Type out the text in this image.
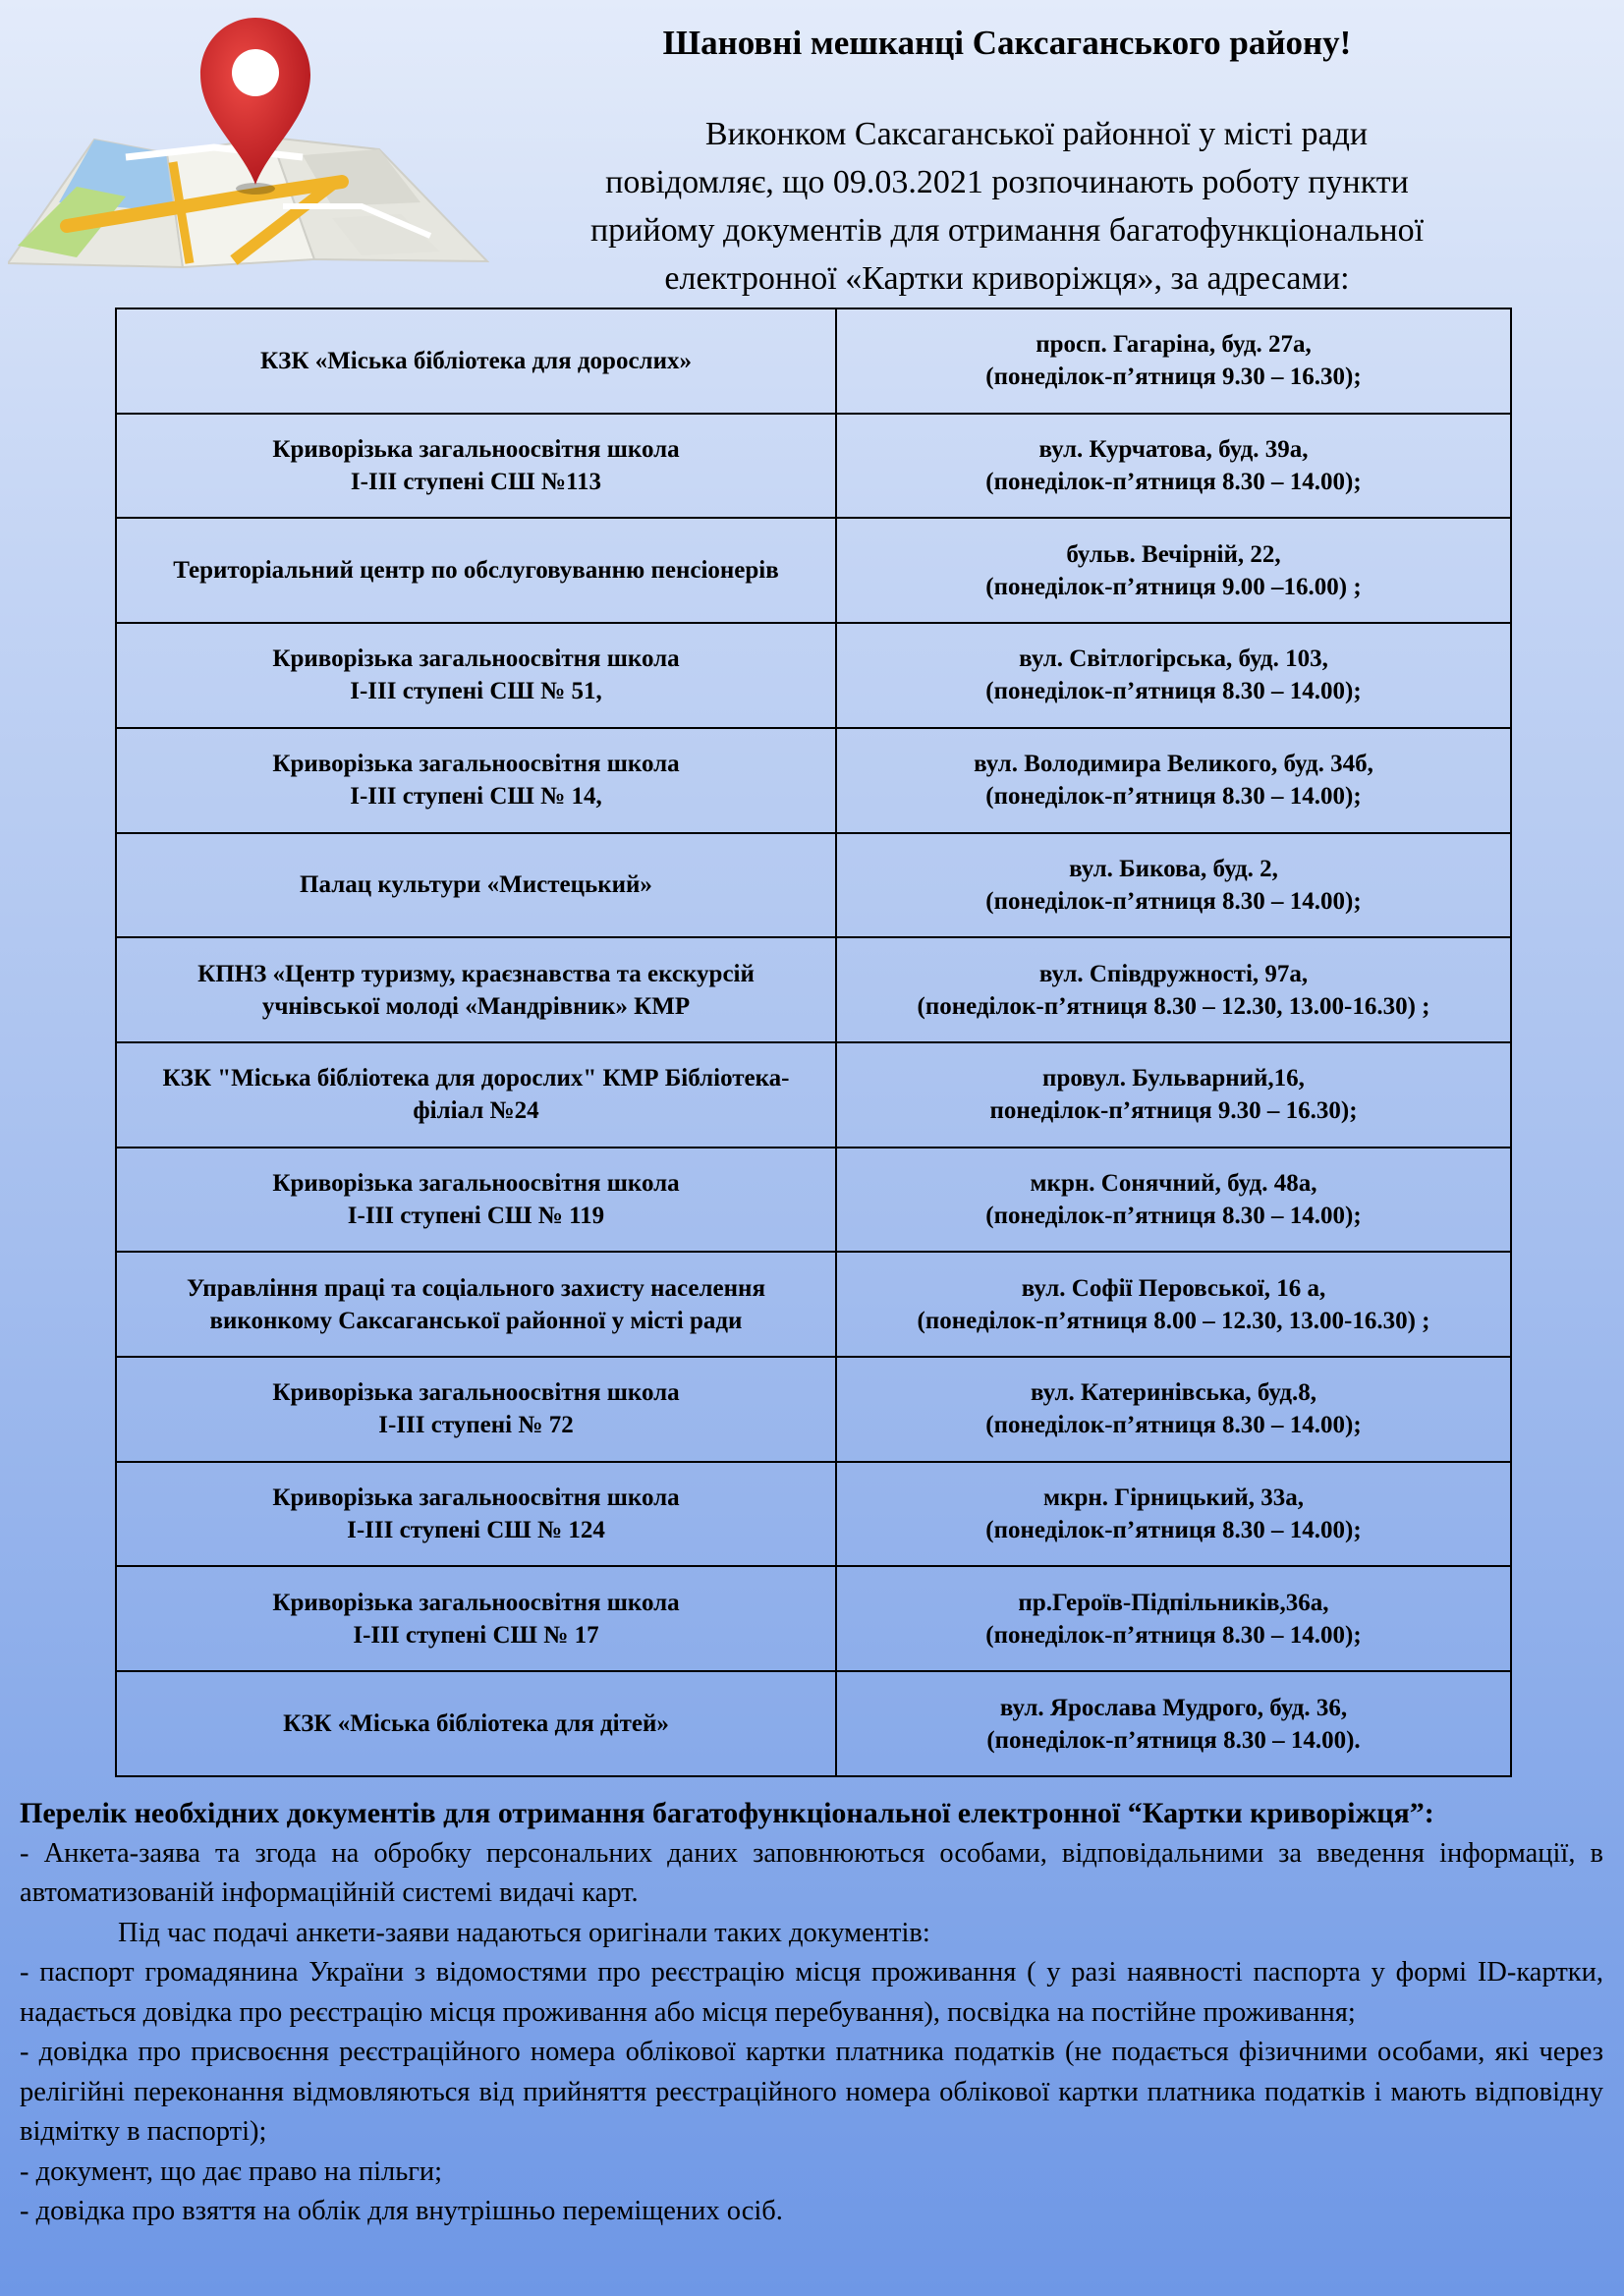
Шановні мешканці Саксаганського району!
Виконком Саксаганської районної у місті ради
повідомляє, що 09.03.2021 розпочинають роботу пункти
прийому документів для отримання багатофункціональної
електронної «Картки криворіжця», за адресами:
КЗК «Міська бібліотека для дорослих»	просп. Гагаріна, буд. 27а,
(понеділок-п’ятниця 9.30 – 16.30);

Криворізька загальноосвітня школа
І-ІІІ ступені СШ №113	вул. Курчатова, буд. 39а,
(понеділок-п’ятниця 8.30 – 14.00);

Територіальний центр по обслуговуванню пенсіонерів	бульв. Вечірній, 22,
(понеділок-п’ятниця 9.00 –16.00) ;

Криворізька загальноосвітня школа
І-ІІІ ступені СШ № 51,	вул. Світлогірська, буд. 103,
(понеділок-п’ятниця 8.30 – 14.00);

Криворізька загальноосвітня школа
І-ІІІ ступені СШ № 14,	вул. Володимира Великого, буд. 34б,
(понеділок-п’ятниця 8.30 – 14.00);

Палац культури «Мистецький»	вул. Бикова, буд. 2,
(понеділок-п’ятниця 8.30 – 14.00);

КПНЗ «Центр туризму, краєзнавства та екскурсій
учнівської молоді «Мандрівник» КМР	вул. Співдружності, 97а,
(понеділок-п’ятниця 8.30 – 12.30, 13.00-16.30) ;

КЗК "Міська бібліотека для дорослих" КМР Бібліотека-
філіал №24	провул. Бульварний,16,
понеділок-п’ятниця 9.30 – 16.30);

Криворізька загальноосвітня школа
І-ІІІ ступені СШ № 119	мкрн. Сонячний, буд. 48а,
(понеділок-п’ятниця 8.30 – 14.00);

Управління праці та соціального захисту населення
виконкому Саксаганської районної у місті ради	вул. Софії Перовської, 16 а,
(понеділок-п’ятниця 8.00 – 12.30, 13.00-16.30) ;

Криворізька загальноосвітня школа
І-ІІІ ступені № 72	вул. Катеринівська, буд.8,
(понеділок-п’ятниця 8.30 – 14.00);

Криворізька загальноосвітня школа
І-ІІІ ступені СШ № 124	мкрн. Гірницький, 33а,
(понеділок-п’ятниця 8.30 – 14.00);

Криворізька загальноосвітня школа
І-ІІІ ступені СШ № 17	пр.Героїв-Підпільників,36а,
(понеділок-п’ятниця 8.30 – 14.00);

КЗК «Міська бібліотека для дітей»	вул. Ярослава Мудрого, буд. 36,
(понеділок-п’ятниця 8.30 – 14.00).

Перелік необхідних документів для отримання багатофункціональної електронної “Картки криворіжця”:

- Анкета-заява та згода на обробку персональних даних заповнюються особами, відповідальними за введення інформації, в автоматизованій інформаційній системі видачі карт.

Під час подачі анкети-заяви надаються оригінали таких документів:

- паспорт громадянина України з відомостями про реєстрацію місця проживання ( у разі наявності паспорта у формі ID-картки, надається довідка про реєстрацію місця проживання або місця перебування), посвідка на постійне проживання;

- довідка про присвоєння реєстраційного номера облікової картки платника податків (не подається фізичними особами, які через релігійні переконання відмовляються від прийняття реєстраційного номера облікової картки платника податків і мають відповідну відмітку в паспорті);

- документ, що дає право на пільги;

- довідка про взяття на облік для внутрішньо переміщених осіб.
